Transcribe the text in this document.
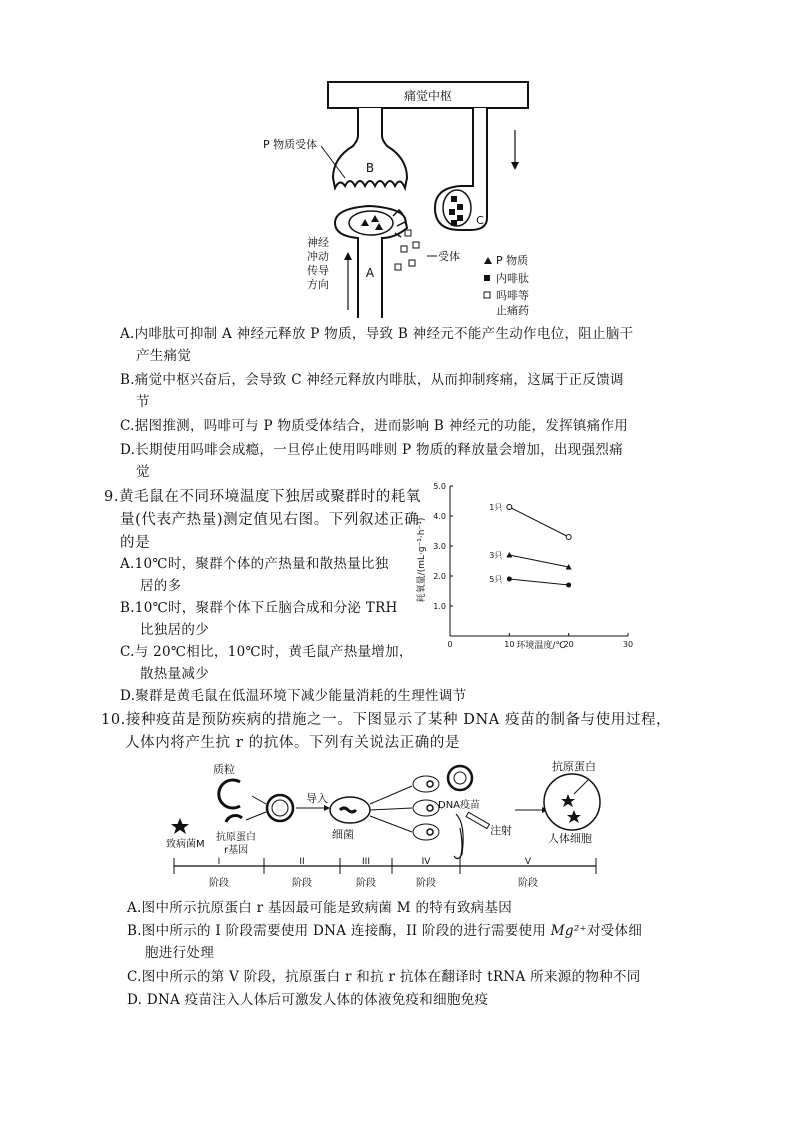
痛觉中枢
B
P 物质受体
A
C
神经
冲动
传导
方向
受体	P 物质
内啡肽
吗啡等
止痛药
A.内啡肽可抑制 A 神经元释放 P 物质，导致 B 神经元不能产生动作电位，阻止脑干
产生痛觉
B.痛觉中枢兴奋后，会导致 C 神经元释放内啡肽，从而抑制疼痛，这属于正反馈调
节
C.据图推测，吗啡可与 P 物质受体结合，进而影响 B 神经元的功能，发挥镇痛作用
D.长期使用吗啡会成瘾，一旦停止使用吗啡则 P 物质的释放量会增加，出现强烈痛
觉
9.黄毛鼠在不同环境温度下独居或聚群时的耗氧
量(代表产热量)测定值见右图。下列叙述正确
的是
A.10℃时，聚群个体的产热量和散热量比独
居的多
B.10℃时，聚群个体下丘脑合成和分泌 TRH
比独居的少
C.与 20℃相比，10℃时，黄毛鼠产热量增加，
散热量减少
D.聚群是黄毛鼠在低温环境下减少能量消耗的生理性调节
1.0
2.0
3.0
4.0
5.0
0	10	20	30
1只
3只
5只
环境温度/℃
耗氧量/(mL·g⁻¹·h⁻¹)
10.接种疫苗是预防疾病的措施之一。下图显示了某种 DNA 疫苗的制备与使用过程，
人体内将产生抗 r 的抗体。下列有关说法正确的是
质粒
致病菌M
抗原蛋白
r基因
导入
细菌
DNA疫苗
注射
抗原蛋白
人体细胞
I
阶段
II
阶段
III
阶段
IV
阶段
V
阶段
A.图中所示抗原蛋白 r 基因最可能是致病菌 M 的特有致病基因
B.图中所示的 I 阶段需要使用 DNA 连接酶，II 阶段的进行需要使用 Mg²⁺对受体细
胞进行处理
C.图中所示的第 V 阶段，抗原蛋白 r 和抗 r 抗体在翻译时 tRNA 所来源的物种不同
D. DNA 疫苗注入人体后可激发人体的体液免疫和细胞免疫
